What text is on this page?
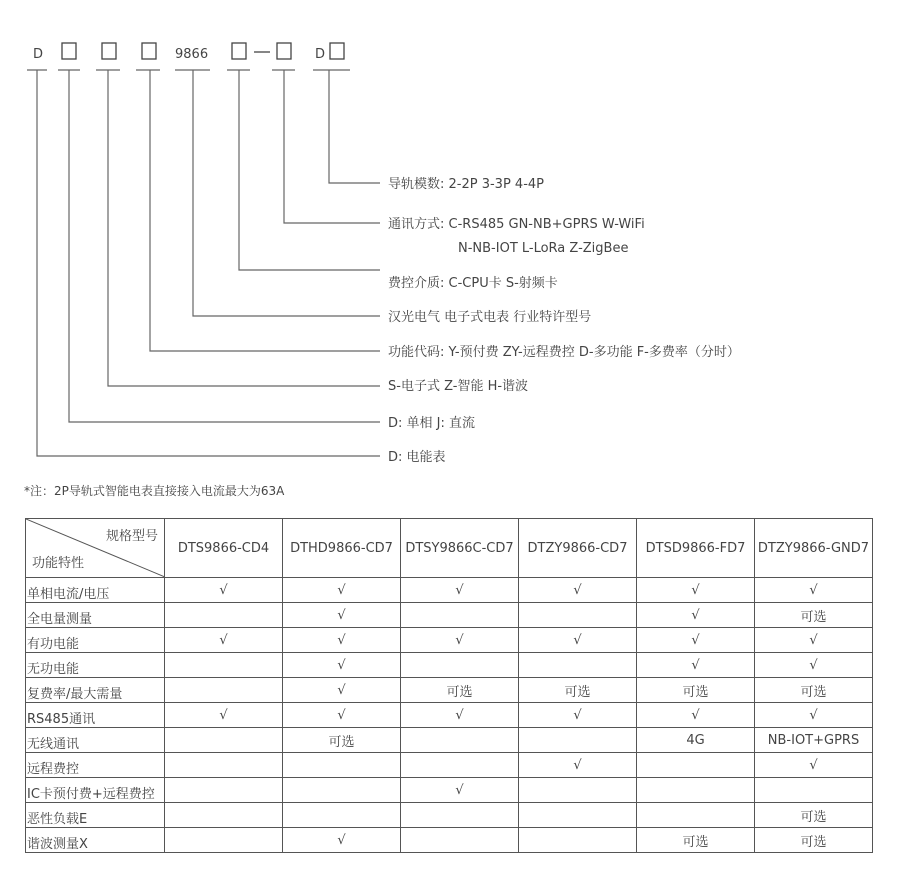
D	9866	D
导轨模数: 2-2P 3-3P 4-4P
通讯方式: C-RS485 GN-NB+GPRS W-WiFi
N-NB-IOT L-LoRa Z-ZigBee
费控介质: C-CPU卡 S-射频卡
汉光电气 电子式电表 行业特许型号
功能代码: Y-预付费 ZY-远程费控 D-多功能 F-多费率（分时）
S-电子式 Z-智能 H-谐波
D: 单相 J: 直流
D: 电能表
*注：2P导轨式智能电表直接接入电流最大为63A
规格型号
功能特性	DTS9866-CD4	DTHD9866-CD7	DTSY9866C-CD7	DTZY9866-CD7	DTSD9866-FD7	DTZY9866-GND7
单相电流/电压	√	√	√	√	√	√
全电量测量		√			√	可选
有功电能	√	√	√	√	√	√
无功电能		√			√	√
复费率/最大需量		√	可选	可选	可选	可选
RS485通讯	√	√	√	√	√	√
无线通讯		可选			4G	NB-IOT+GPRS
远程费控				√		√
IC卡预付费+远程费控			√			
恶性负载E						可选
谐波测量X		√			可选	可选
